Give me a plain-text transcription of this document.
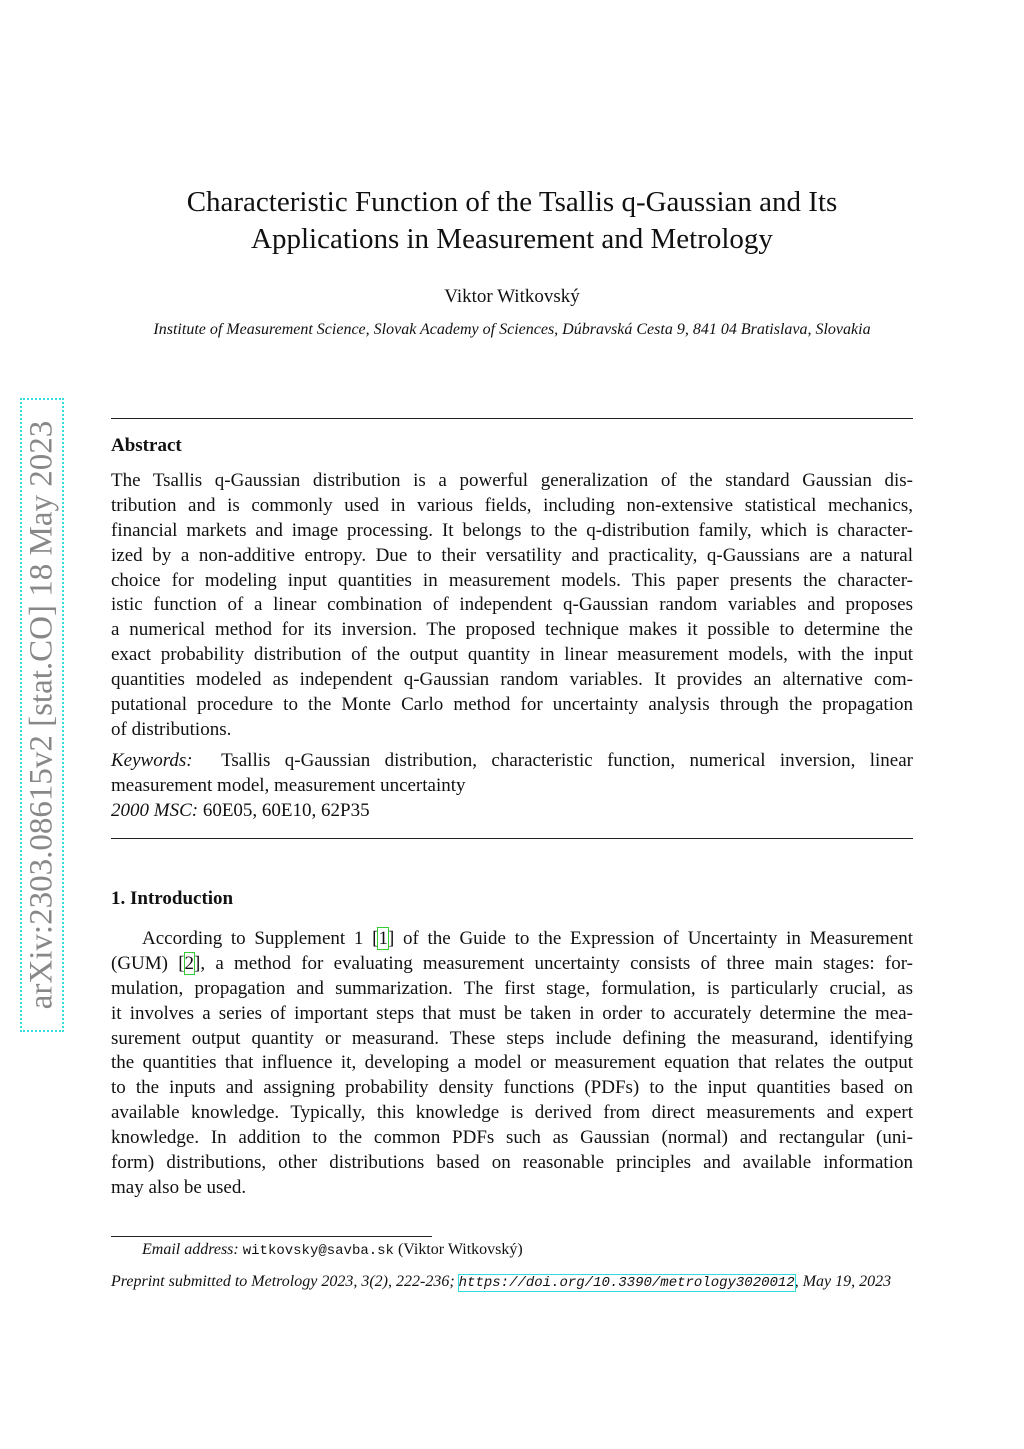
arXiv:2303.08615v2 [stat.CO] 18 May 2023
Characteristic Function of the Tsallis q-Gaussian and Its
Applications in Measurement and Metrology
Viktor Witkovský
Institute of Measurement Science, Slovak Academy of Sciences, Dúbravská Cesta 9, 841 04 Bratislava, Slovakia
Abstract
The Tsallis q-Gaussian distribution is a powerful generalization of the standard Gaussian dis-
tribution and is commonly used in various fields, including non-extensive statistical mechanics,
financial markets and image processing. It belongs to the q-distribution family, which is character-
ized by a non-additive entropy. Due to their versatility and practicality, q-Gaussians are a natural
choice for modeling input quantities in measurement models. This paper presents the character-
istic function of a linear combination of independent q-Gaussian random variables and proposes
a numerical method for its inversion. The proposed technique makes it possible to determine the
exact probability distribution of the output quantity in linear measurement models, with the input
quantities modeled as independent q-Gaussian random variables. It provides an alternative com-
putational procedure to the Monte Carlo method for uncertainty analysis through the propagation
of distributions.
Keywords: Tsallis q-Gaussian distribution, characteristic function, numerical inversion, linear
measurement model, measurement uncertainty
2000 MSC: 60E05, 60E10, 62P35
1. Introduction
According to Supplement 1 [1] of the Guide to the Expression of Uncertainty in Measurement
(GUM) [2], a method for evaluating measurement uncertainty consists of three main stages: for-
mulation, propagation and summarization. The first stage, formulation, is particularly crucial, as
it involves a series of important steps that must be taken in order to accurately determine the mea-
surement output quantity or measurand. These steps include defining the measurand, identifying
the quantities that influence it, developing a model or measurement equation that relates the output
to the inputs and assigning probability density functions (PDFs) to the input quantities based on
available knowledge. Typically, this knowledge is derived from direct measurements and expert
knowledge. In addition to the common PDFs such as Gaussian (normal) and rectangular (uni-
form) distributions, other distributions based on reasonable principles and available information
may also be used.
Email address: witkovsky@savba.sk (Viktor Witkovský)
Preprint submitted to Metrology 2023, 3(2), 222-236; https://doi.org/10.3390/metrology3020012, May 19, 2023
